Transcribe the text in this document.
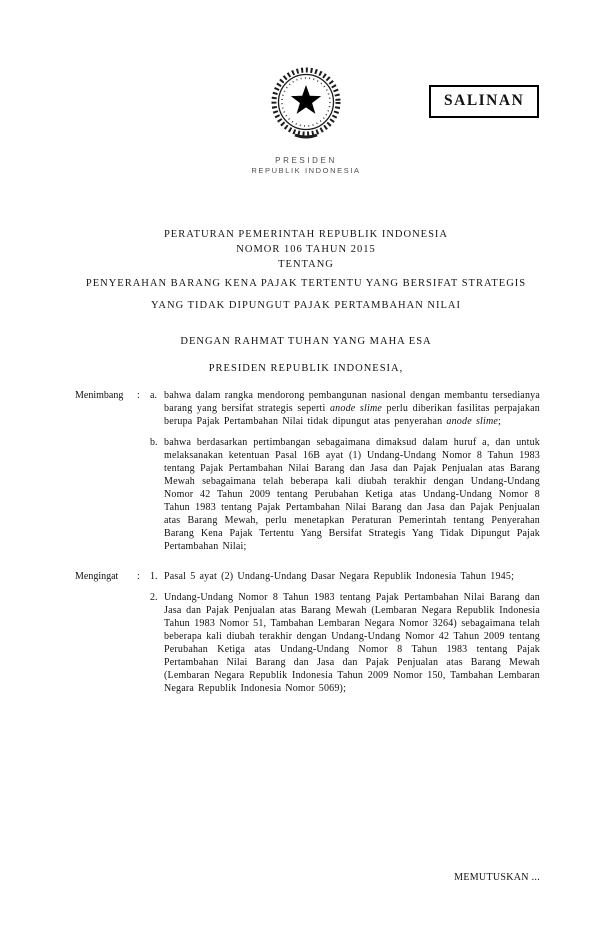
SALINAN
PRESIDEN
REPUBLIK INDONESIA
PERATURAN PEMERINTAH REPUBLIK INDONESIA
NOMOR 106 TAHUN 2015
TENTANG
PENYERAHAN BARANG KENA PAJAK TERTENTU YANG BERSIFAT STRATEGIS
YANG TIDAK DIPUNGUT PAJAK PERTAMBAHAN NILAI
DENGAN RAHMAT TUHAN YANG MAHA ESA
PRESIDEN REPUBLIK INDONESIA,
Menimbang	:	a. bahwa dalam rangka mendorong pembangunan nasional dengan membantu tersedianya barang yang bersifat strategis seperti anode slime perlu diberikan fasilitas perpajakan berupa Pajak Pertambahan Nilai tidak dipungut atas penyerahan anode slime;
b. bahwa berdasarkan pertimbangan sebagaimana dimaksud dalam huruf a, dan untuk melaksanakan ketentuan Pasal 16B ayat (1) Undang-Undang Nomor 8 Tahun 1983 tentang Pajak Pertambahan Nilai Barang dan Jasa dan Pajak Penjualan atas Barang Mewah sebagaimana telah beberapa kali diubah terakhir dengan Undang-Undang Nomor 42 Tahun 2009 tentang Perubahan Ketiga atas Undang-Undang Nomor 8 Tahun 1983 tentang Pajak Pertambahan Nilai Barang dan Jasa dan Pajak Penjualan atas Barang Mewah, perlu menetapkan Peraturan Pemerintah tentang Penyerahan Barang Kena Pajak Tertentu Yang Bersifat Strategis Yang Tidak Dipungut Pajak Pertambahan Nilai;
Mengingat	:	1. Pasal 5 ayat (2) Undang-Undang Dasar Negara Republik Indonesia Tahun 1945;
2. Undang-Undang Nomor 8 Tahun 1983 tentang Pajak Pertambahan Nilai Barang dan Jasa dan Pajak Penjualan atas Barang Mewah (Lembaran Negara Republik Indonesia Tahun 1983 Nomor 51, Tambahan Lembaran Negara Nomor 3264) sebagaimana telah beberapa kali diubah terakhir dengan Undang-Undang Nomor 42 Tahun 2009 tentang Perubahan Ketiga atas Undang-Undang Nomor 8 Tahun 1983 tentang Pajak Pertambahan Nilai Barang dan Jasa dan Pajak Penjualan atas Barang Mewah (Lembaran Negara Republik Indonesia Tahun 2009 Nomor 150, Tambahan Lembaran Negara Republik Indonesia Nomor 5069);
MEMUTUSKAN ...
